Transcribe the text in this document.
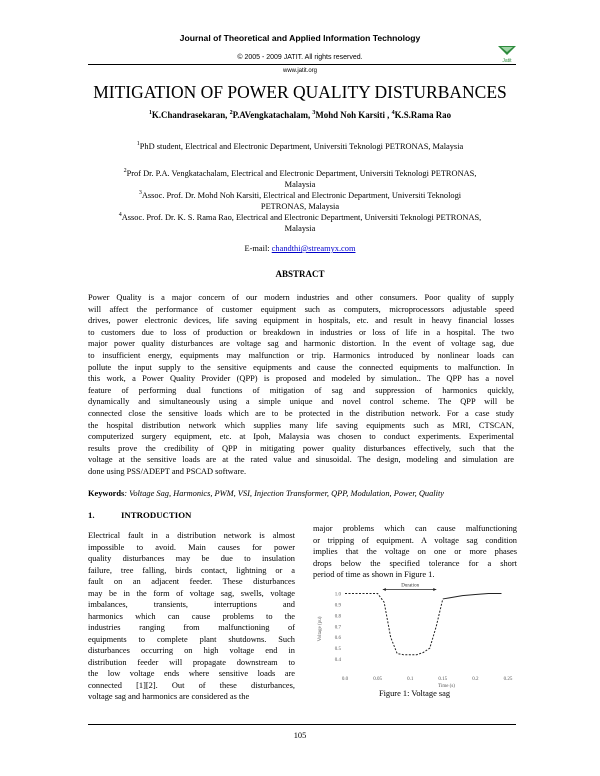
Journal of Theoretical and Applied Information Technology
Jatit
© 2005 - 2009 JATIT. All rights reserved.
www.jatit.org
MITIGATION OF POWER QUALITY DISTURBANCES
$^1$K.Chandrasekaran, $^2$P.AVengkatachalam, $^3$Mohd Noh Karsiti , $^4$K.S.Rama Rao
$^1$PhD student, Electrical and Electronic Department, Universiti Teknologi PETRONAS, Malaysia
$^2$Prof Dr. P.A. Vengkatachalam, Electrical and Electronic Department, Universiti Teknologi PETRONAS,
Malaysia
$^3$Assoc. Prof. Dr. Mohd Noh Karsiti, Electrical and Electronic Department, Universiti Teknologi
PETRONAS, Malaysia
$^4$Assoc. Prof. Dr. K. S. Rama Rao, Electrical and Electronic Department, Universiti Teknologi PETRONAS,
Malaysia
E-mail: chandthi@streamyx.com
ABSTRACT
Power Quality is a major concern of our modern industries and other consumers. Poor quality of supply
will affect the performance of customer equipment such as computers, microprocessors adjustable speed
drives, power electronic devices, life saving equipment in hospitals, etc. and result in heavy financial losses
to customers due to loss of production or breakdown in industries or loss of life in a hospital. The two
major power quality disturbances are voltage sag and harmonic distortion. In the event of voltage sag, due
to insufficient energy, equipments may malfunction or trip. Harmonics introduced by nonlinear loads can
pollute the input supply to the sensitive equipments and cause the connected equipments to malfunction. In
this work, a Power Quality Provider (QPP) is proposed and modeled by simulation.. The QPP has a novel
feature of performing dual functions of mitigation of sag and suppression of harmonics quickly,
dynamically and simultaneously using a simple unique and novel control scheme. The QPP will be
connected close the sensitive loads which are to be protected in the distribution network. For a case study
the hospital distribution network which supplies many life saving equipments such as MRI, CTSCAN,
computerized surgery equipment, etc. at Ipoh, Malaysia was chosen to conduct experiments. Experimental
results prove the credibility of QPP in mitigating power quality disturbances effectively, such that the
voltage at the sensitive loads are at the rated value and sinusoidal. The design, modeling and simulation are
done using PSS/ADEPT and PSCAD software.
Keywords: Voltage Sag, Harmonics, PWM, VSI, Injection Transformer, QPP, Modulation, Power, Quality
1.	INTRODUCTION
Electrical fault in a distribution network is almost
impossible to avoid. Main causes for power
quality disturbances may be due to insulation
failure, tree falling, birds contact, lightning or a
fault on an adjacent feeder. These disturbances
may be in the form of voltage sag, swells, voltage
imbalances, transients, interruptions and
harmonics which can cause problems to the
industries ranging from malfunctioning of
equipments to complete plant shutdowns. Such
disturbances occurring on high voltage end in
distribution feeder will propagate downstream to
the low voltage ends where sensitive loads are
connected [1][2]. Out of these disturbances,
voltage sag and harmonics are considered as the
major problems which can cause malfunctioning
or tripping of equipment. A voltage sag condition
implies that the voltage on one or more phases
drops below the specified tolerance for a short
period of time as shown in Figure 1.
1.0
0.9
0.8
0.7
0.6
0.5
0.4
0.0	0.05	0.1	0.15	0.2	0.25
Time (s)
Voltage (pu)
Duration
Figure 1: Voltage sag
105
